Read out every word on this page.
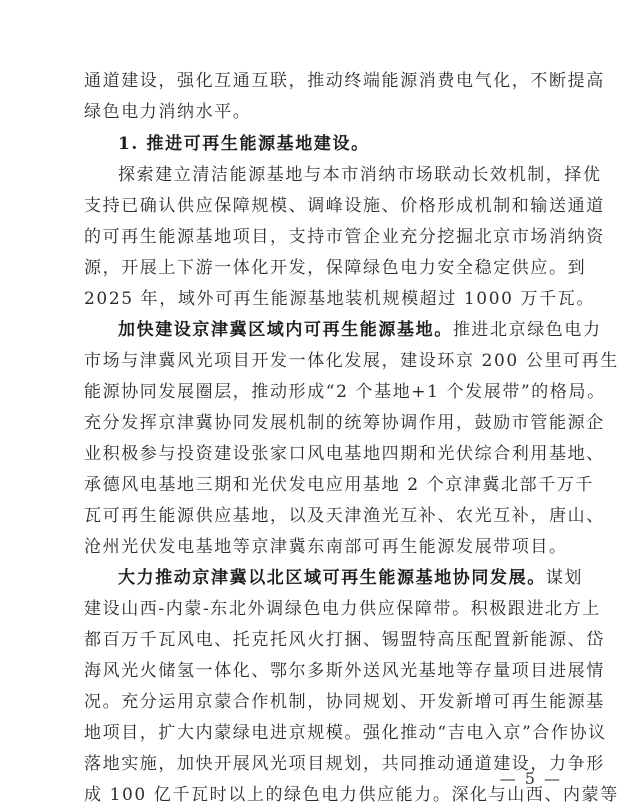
通道建设，强化互通互联，推动终端能源消费电气化，不断提高
绿色电力消纳水平。
1. 推进可再生能源基地建设。
探索建立清洁能源基地与本市消纳市场联动长效机制，择优
支持已确认供应保障规模、调峰设施、价格形成机制和输送通道
的可再生能源基地项目，支持市管企业充分挖掘北京市场消纳资
源，开展上下游一体化开发，保障绿色电力安全稳定供应。到
2025 年，域外可再生能源基地装机规模超过 1000 万千瓦。
加快建设京津冀区域内可再生能源基地。推进北京绿色电力
市场与津冀风光项目开发一体化发展，建设环京 200 公里可再生
能源协同发展圈层，推动形成“2 个基地+1 个发展带”的格局。
充分发挥京津冀协同发展机制的统筹协调作用，鼓励市管能源企
业积极参与投资建设张家口风电基地四期和光伏综合利用基地、
承德风电基地三期和光伏发电应用基地 2 个京津冀北部千万千
瓦可再生能源供应基地，以及天津渔光互补、农光互补，唐山、
沧州光伏发电基地等京津冀东南部可再生能源发展带项目。
大力推动京津冀以北区域可再生能源基地协同发展。谋划
建设山西-内蒙-东北外调绿色电力供应保障带。积极跟进北方上
都百万千瓦风电、托克托风火打捆、锡盟特高压配置新能源、岱
海风光火储氢一体化、鄂尔多斯外送风光基地等存量项目进展情
况。充分运用京蒙合作机制，协同规划、开发新增可再生能源基
地项目，扩大内蒙绿电进京规模。强化推动“吉电入京”合作协议
落地实施，加快开展风光项目规划，共同推动通道建设，力争形
成 100 亿千瓦时以上的绿色电力供应能力。深化与山西、内蒙等
— 5 —
